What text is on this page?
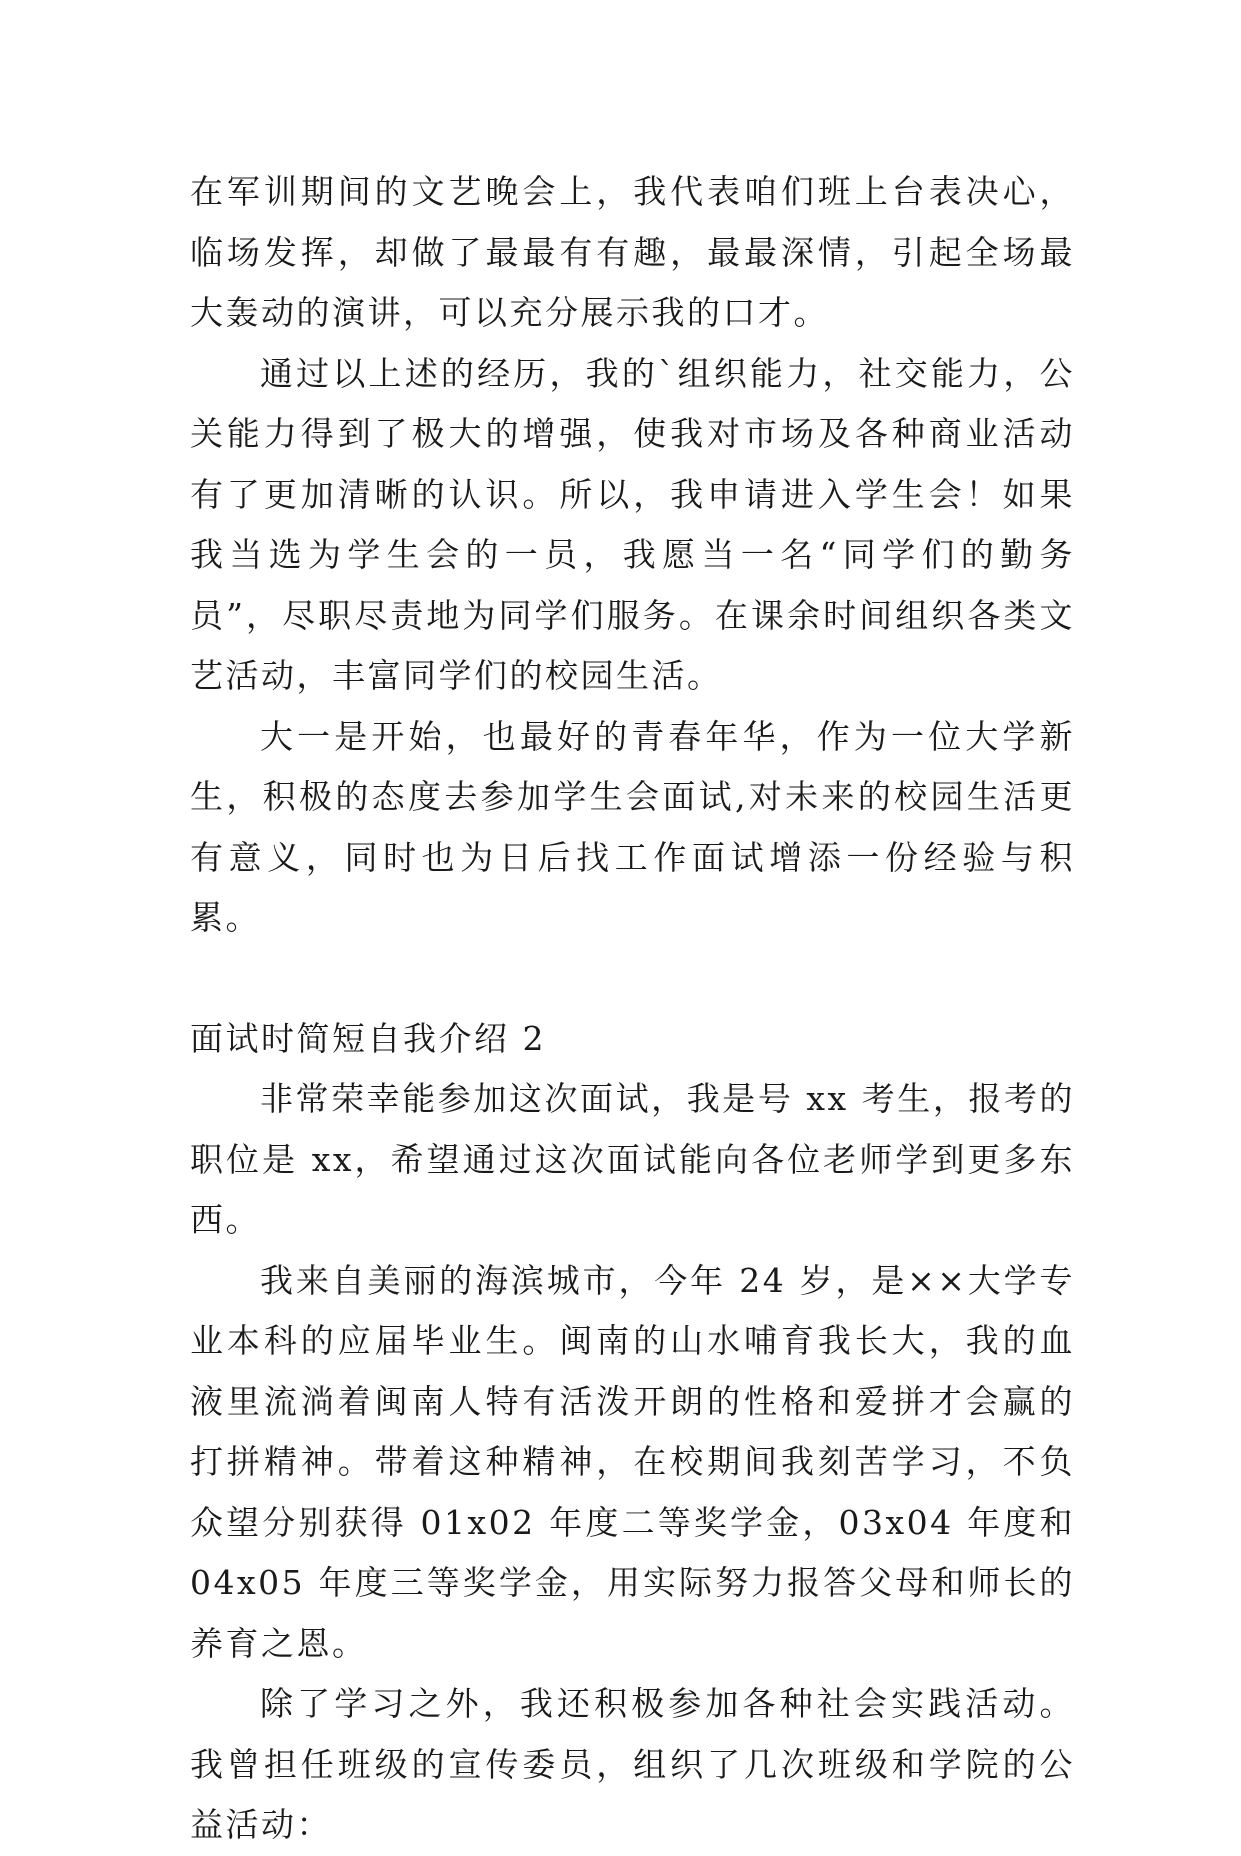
在军训期间的文艺晚会上，我代表咱们班上台表决心，临场发挥，却做了最最有有趣，最最深情，引起全场最大轰动的演讲，可以充分展示我的口才。

通过以上述的经历，我的`组织能力，社交能力，公关能力得到了极大的增强，使我对市场及各种商业活动有了更加清晰的认识。所以，我申请进入学生会！如果我当选为学生会的一员，我愿当一名“同学们的勤务员”，尽职尽责地为同学们服务。在课余时间组织各类文艺活动，丰富同学们的校园生活。

大一是开始，也最好的青春年华，作为一位大学新生，积极的态度去参加学生会面试,对未来的校园生活更有意义，同时也为日后找工作面试增添一份经验与积累。

面试时简短自我介绍 2

非常荣幸能参加这次面试，我是号 xx 考生，报考的职位是 xx，希望通过这次面试能向各位老师学到更多东西。

我来自美丽的海滨城市，今年 24 岁，是××大学专业本科的应届毕业生。闽南的山水哺育我长大，我的血液里流淌着闽南人特有活泼开朗的性格和爱拼才会赢的打拼精神。带着这种精神，在校期间我刻苦学习，不负众望分别获得 01x02 年度二等奖学金，03x04 年度和 04x05 年度三等奖学金，用实际努力报答父母和师长的养育之恩。

除了学习之外，我还积极参加各种社会实践活动。我曾担任班级的宣传委员，组织了几次班级和学院的公益活动：
